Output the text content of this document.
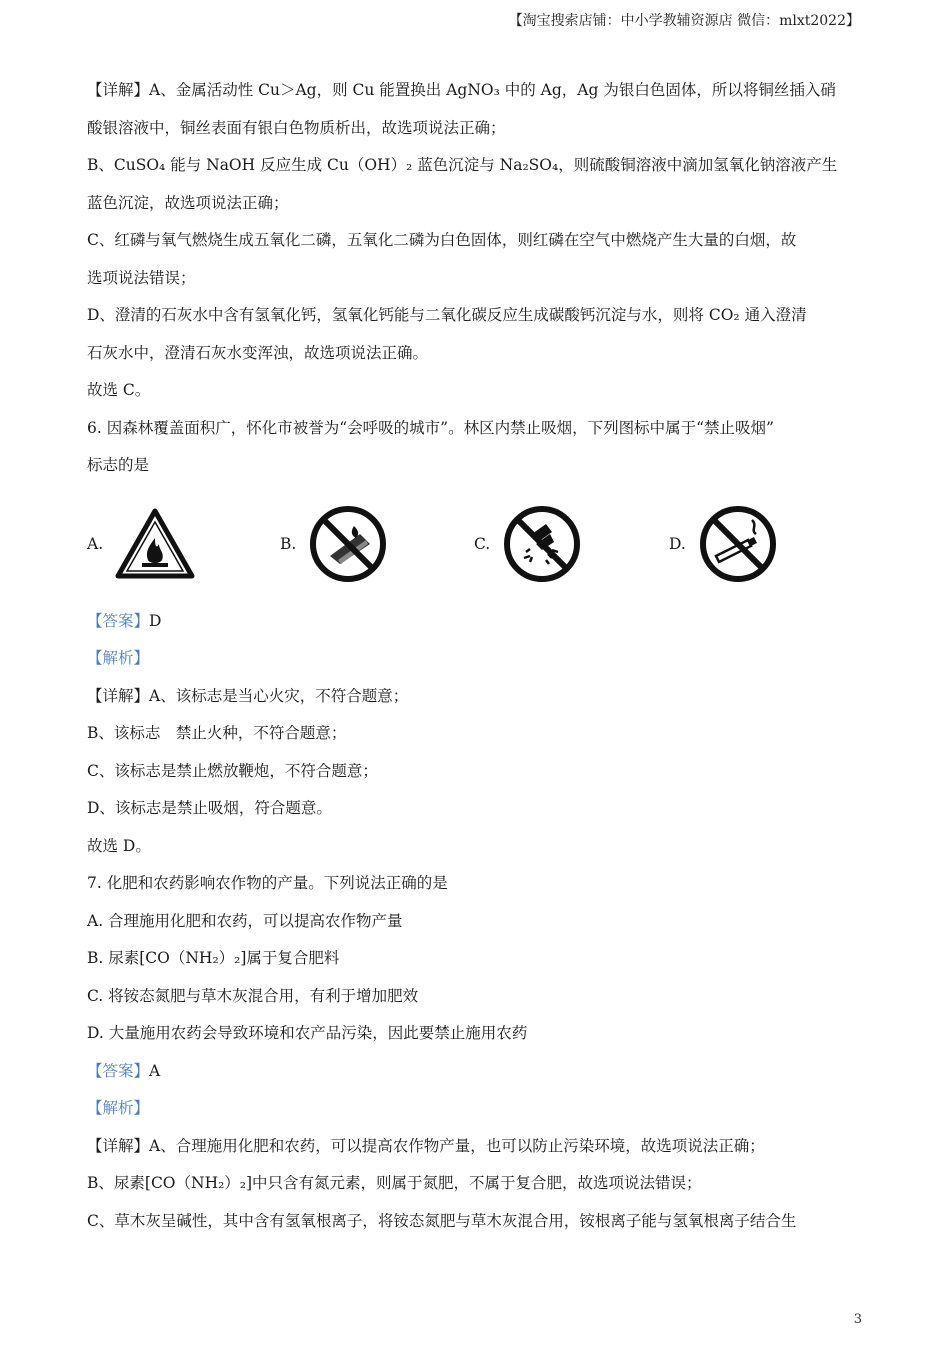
【淘宝搜索店铺：中小学教辅资源店 微信：mlxt2022】
【详解】A、金属活动性 Cu＞Ag，则 Cu 能置换出 AgNO₃ 中的 Ag，Ag 为银白色固体，所以将铜丝插入硝
酸银溶液中，铜丝表面有银白色物质析出，故选项说法正确；
B、CuSO₄ 能与 NaOH 反应生成 Cu（OH）₂ 蓝色沉淀与 Na₂SO₄，则硫酸铜溶液中滴加氢氧化钠溶液产生
蓝色沉淀，故选项说法正确；
C、红磷与氧气燃烧生成五氧化二磷，五氧化二磷为白色固体，则红磷在空气中燃烧产生大量的白烟，故
选项说法错误；
D、澄清的石灰水中含有氢氧化钙，氢氧化钙能与二氧化碳反应生成碳酸钙沉淀与水，则将 CO₂ 通入澄清
石灰水中，澄清石灰水变浑浊，故选项说法正确。
故选 C。
6. 因森林覆盖面积广，怀化市被誉为“会呼吸的城市”。林区内禁止吸烟，下列图标中属于“禁止吸烟”
标志的是
A.	B.	C.	D.
【答案】D
【解析】
【详解】A、该标志是当心火灾，不符合题意；
B、该标志　禁止火种，不符合题意；
C、该标志是禁止燃放鞭炮，不符合题意；
D、该标志是禁止吸烟，符合题意。
故选 D。
7. 化肥和农药影响农作物的产量。下列说法正确的是
A. 合理施用化肥和农药，可以提高农作物产量
B. 尿素[CO（NH₂）₂]属于复合肥料
C. 将铵态氮肥与草木灰混合用，有利于增加肥效
D. 大量施用农药会导致环境和农产品污染，因此要禁止施用农药
【答案】A
【解析】
【详解】A、合理施用化肥和农药，可以提高农作物产量，也可以防止污染环境，故选项说法正确；
B、尿素[CO（NH₂）₂]中只含有氮元素，则属于氮肥，不属于复合肥，故选项说法错误；
C、草木灰呈碱性，其中含有氢氧根离子，将铵态氮肥与草木灰混合用，铵根离子能与氢氧根离子结合生
3
